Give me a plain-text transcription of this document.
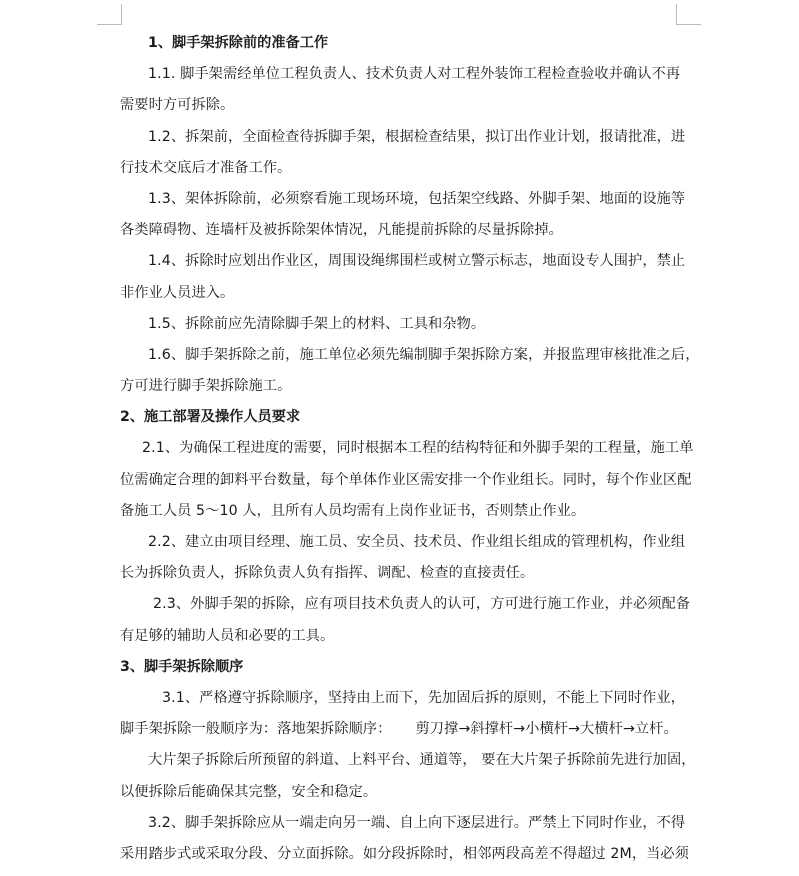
1、脚手架拆除前的准备工作
1.1. 脚手架需经单位工程负责人、技术负责人对工程外装饰工程检查验收并确认不再
需要时方可拆除。
1.2、拆架前，全面检查待拆脚手架，根据检查结果，拟订出作业计划，报请批准，进
行技术交底后才准备工作。
1.3、架体拆除前，必须察看施工现场环境，包括架空线路、外脚手架、地面的设施等
各类障碍物、连墙杆及被拆除架体情况，凡能提前拆除的尽量拆除掉。
1.4、拆除时应划出作业区，周围设绳绑围栏或树立警示标志，地面设专人围护，禁止
非作业人员进入。
1.5、拆除前应先清除脚手架上的材料、工具和杂物。
1.6、脚手架拆除之前，施工单位必须先编制脚手架拆除方案，并报监理审核批准之后，
方可进行脚手架拆除施工。
2、施工部署及操作人员要求
2.1、为确保工程进度的需要，同时根据本工程的结构特征和外脚手架的工程量，施工单
位需确定合理的卸料平台数量，每个单体作业区需安排一个作业组长。同时，每个作业区配
备施工人员 5～10 人，且所有人员均需有上岗作业证书，否则禁止作业。
2.2、建立由项目经理、施工员、安全员、技术员、作业组长组成的管理机构，作业组
长为拆除负责人，拆除负责人负有指挥、调配、检查的直接责任。
2.3、外脚手架的拆除，应有项目技术负责人的认可，方可进行施工作业，并必须配备
有足够的辅助人员和必要的工具。
3、脚手架拆除顺序
3.1、严格遵守拆除顺序，坚持由上而下，先加固后拆的原则，不能上下同时作业，
脚手架拆除一般顺序为：落地架拆除顺序： 剪刀撑→斜撑杆→小横杆→大横杆→立杆。
大片架子拆除后所预留的斜道、上料平台、通道等， 要在大片架子拆除前先进行加固，
以便拆除后能确保其完整，安全和稳定。
3.2、脚手架拆除应从一端走向另一端、自上向下逐层进行。严禁上下同时作业，不得
采用踏步式或采取分段、分立面拆除。如分段拆除时，相邻两段高差不得超过 2M，当必须
